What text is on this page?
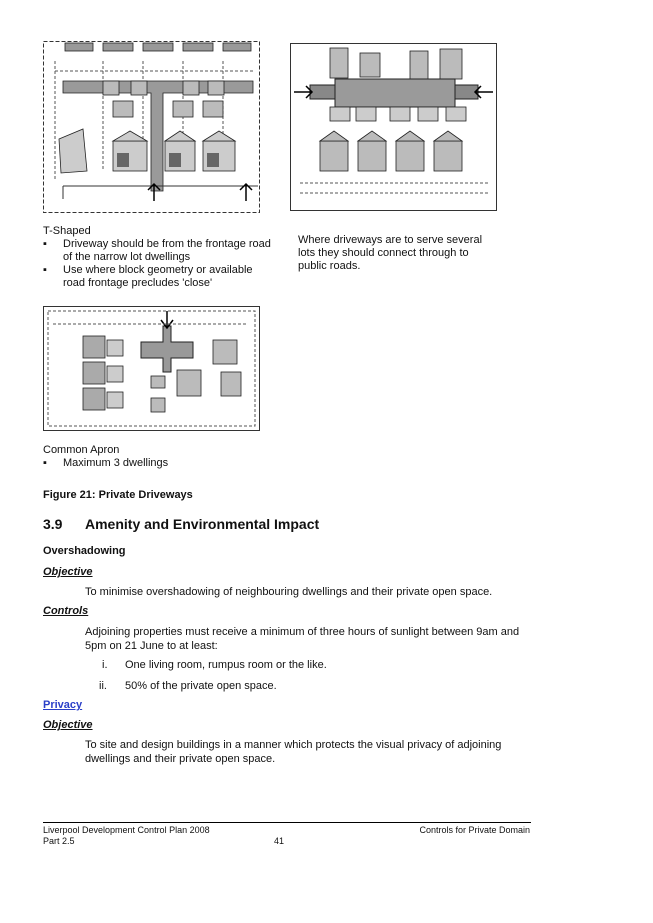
T-Shaped
▪	Driveway should be from the frontage road of the narrow lot dwellings
▪	Use where block geometry or available road frontage precludes 'close'
Where driveways are to serve several lots they should connect through to public roads.
Common Apron
▪	Maximum 3 dwellings
Figure 21: Private Driveways
3.9 Amenity and Environmental Impact
Overshadowing
Objective
To minimise overshadowing of neighbouring dwellings and their private open space.
Controls
Adjoining properties must receive a minimum of three hours of sunlight between 9am and 5pm on 21 June to at least:
i. One living room, rumpus room or the like.
ii. 50% of the private open space.
Privacy
Objective
To site and design buildings in a manner which protects the visual privacy of adjoining dwellings and their private open space.
Liverpool Development Control Plan 2008
Part 2.5	41
Controls for Private Domain
